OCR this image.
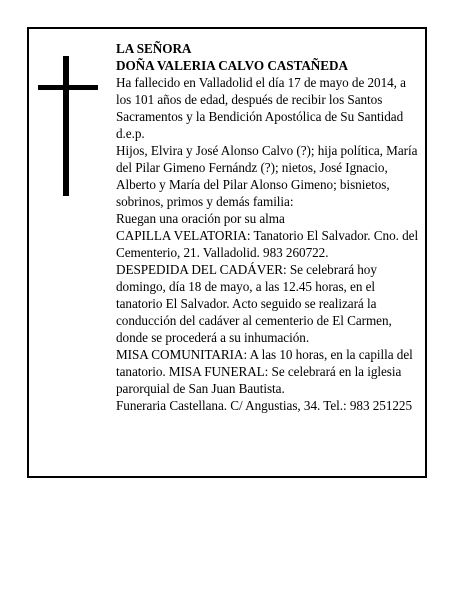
LA SEÑORA

DOÑA VALERIA CALVO CASTAÑEDA

Ha fallecido en Valladolid el día 17 de mayo de 2014, a los 101 años de edad, después de recibir los Santos Sacramentos y la Bendición Apostólica de Su Santidad d.e.p.

Hijos, Elvira y José Alonso Calvo (?); hija política, María del Pilar Gimeno Fernándz (?); nietos, José Ignacio, Alberto y María del Pilar Alonso Gimeno; bisnietos, sobrinos, primos y demás familia:

Ruegan una oración por su alma

CAPILLA VELATORIA: Tanatorio El Salvador. Cno. del Cementerio, 21. Valladolid. 983 260722.

DESPEDIDA DEL CADÁVER: Se celebrará hoy domingo, día 18 de mayo, a las 12.45 horas, en el tanatorio El Salvador. Acto seguido se realizará la conducción del cadáver al cementerio de El Carmen, donde se procederá a su inhumación.

MISA COMUNITARIA: A las 10 horas, en la capilla del tanatorio. MISA FUNERAL: Se celebrará en la iglesia parorquial de San Juan Bautista.

Funeraria Castellana. C/ Angustias, 34. Tel.: 983 251225
